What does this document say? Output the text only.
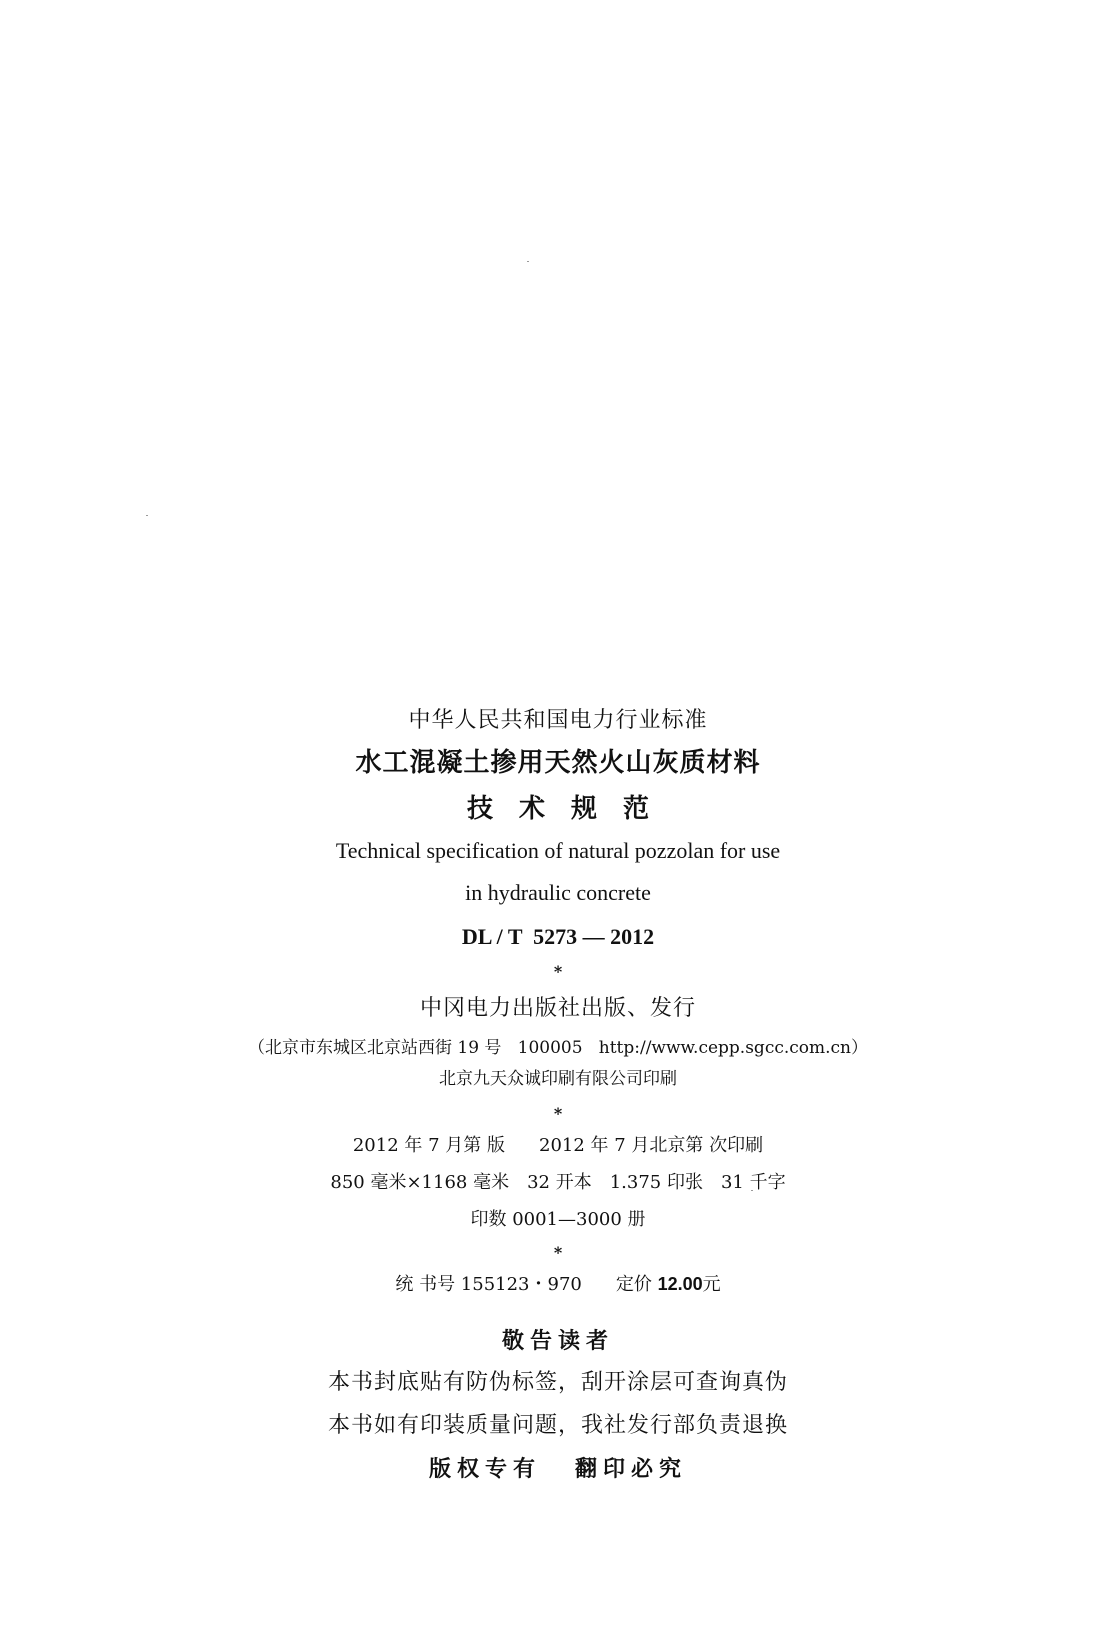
中华人民共和国电力行业标准
水工混凝土掺用天然火山灰质材料
技　术　规　范
Technical specification of natural pozzolan for use
in hydraulic concrete
DL / T  5273 — 2012
*
中冈电力出版社出版、发行
（北京市东城区北京站西街 19 号   100005   http://www.cepp.sgcc.com.cn）
北京九天众诚印刷有限公司印刷
*
2012 年 7 月第 版 2012 年 7 月北京第 次印刷
850 毫米×1168 毫米 32 开本 1.375 印张 31 千字
印数 0001—3000 册
*
统 书号 155123・970 定价 12.00元
敬告读者
本书封底贴有防伪标签，刮开涂层可查询真伪
本书如有印装质量问题，我社发行部负责退换
版权专有 翻印必究
